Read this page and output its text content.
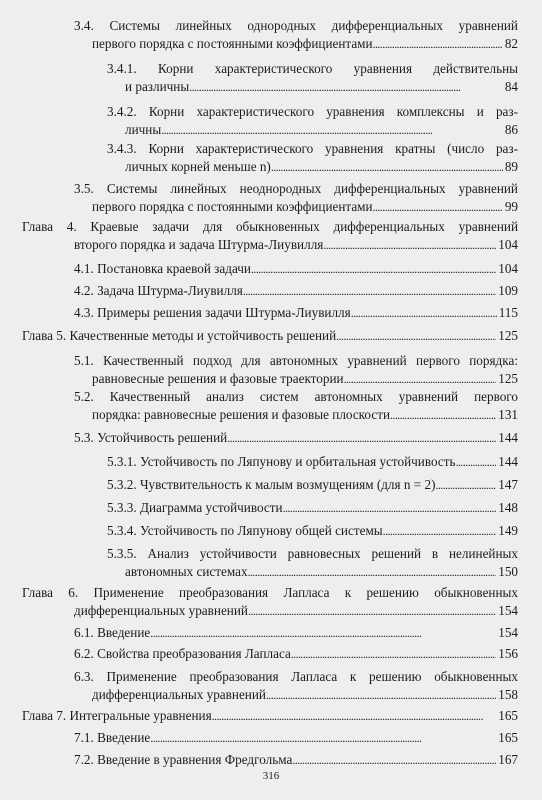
3.4. Системы линейных однородных дифференциальных уравнений
первого порядка с постоянными коэффициентами . . .	82
3.4.1. Корни характеристического уравнения действительны
и различны . . .	84
3.4.2. Корни характеристического уравнения комплексны и раз-
личны . . .	86
3.4.3. Корни характеристического уравнения кратны (число раз-
личных корней меньше n) . . .	89
3.5. Системы линейных неоднородных дифференциальных уравнений
первого порядка с постоянными коэффициентами . . .	99
Глава 4. Краевые задачи для обыкновенных дифференциальных уравнений
второго порядка и задача Штурма-Лиувилля . . .	104
4.1. Постановка краевой задачи . . .	104
4.2. Задача Штурма-Лиувилля . . .	109
4.3. Примеры решения задачи Штурма-Лиувилля . . .	115
Глава 5. Качественные методы и устойчивость решений . . .	125
5.1. Качественный подход для автономных уравнений первого порядка:
равновесные решения и фазовые траектории . . .	125
5.2. Качественный анализ систем автономных уравнений первого
порядка: равновесные решения и фазовые плоскости . . .	131
5.3. Устойчивость решений . . .	144
5.3.1. Устойчивость по Ляпунову и орбитальная устойчивость . . .	144
5.3.2. Чувствительность к малым возмущениям (для n = 2) . . .	147
5.3.3. Диаграмма устойчивости . . .	148
5.3.4. Устойчивость по Ляпунову общей системы . . .	149
5.3.5. Анализ устойчивости равновесных решений в нелинейных
автономных системах . . .	150
Глава 6. Применение преобразования Лапласа к решению обыкновенных
дифференциальных уравнений . . .	154
6.1. Введение . . .	154
6.2. Свойства преобразования Лапласа . . .	156
6.3. Применение преобразования Лапласа к решению обыкновенных
дифференциальных уравнений . . .	158
Глава 7. Интегральные уравнения . . .	165
7.1. Введение . . .	165
7.2. Введение в уравнения Фредгольма . . .	167
316
